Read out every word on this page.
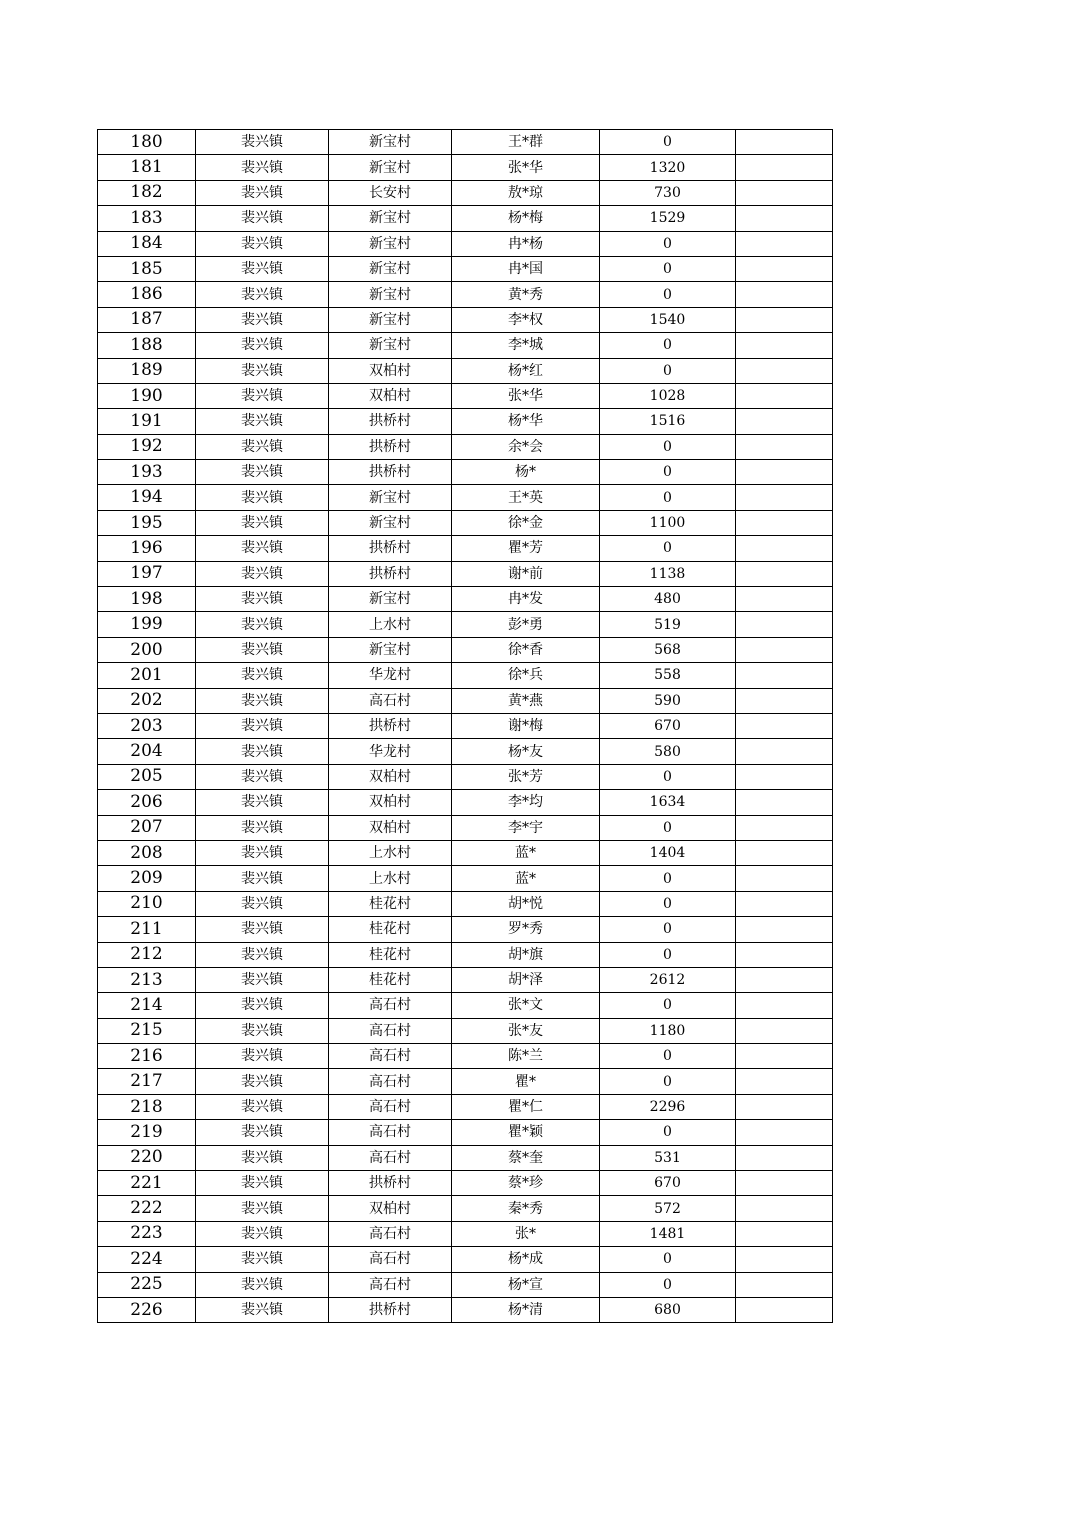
180	裴兴镇	新宝村	王*群	0	
181	裴兴镇	新宝村	张*华	1320	
182	裴兴镇	长安村	敖*琼	730	
183	裴兴镇	新宝村	杨*梅	1529	
184	裴兴镇	新宝村	冉*杨	0	
185	裴兴镇	新宝村	冉*国	0	
186	裴兴镇	新宝村	黄*秀	0	
187	裴兴镇	新宝村	李*权	1540	
188	裴兴镇	新宝村	李*城	0	
189	裴兴镇	双柏村	杨*红	0	
190	裴兴镇	双柏村	张*华	1028	
191	裴兴镇	拱桥村	杨*华	1516	
192	裴兴镇	拱桥村	余*会	0	
193	裴兴镇	拱桥村	杨*	0	
194	裴兴镇	新宝村	王*英	0	
195	裴兴镇	新宝村	徐*金	1100	
196	裴兴镇	拱桥村	瞿*芳	0	
197	裴兴镇	拱桥村	谢*前	1138	
198	裴兴镇	新宝村	冉*发	480	
199	裴兴镇	上水村	彭*勇	519	
200	裴兴镇	新宝村	徐*香	568	
201	裴兴镇	华龙村	徐*兵	558	
202	裴兴镇	高石村	黄*燕	590	
203	裴兴镇	拱桥村	谢*梅	670	
204	裴兴镇	华龙村	杨*友	580	
205	裴兴镇	双柏村	张*芳	0	
206	裴兴镇	双柏村	李*均	1634	
207	裴兴镇	双柏村	李*宇	0	
208	裴兴镇	上水村	蓝*	1404	
209	裴兴镇	上水村	蓝*	0	
210	裴兴镇	桂花村	胡*悦	0	
211	裴兴镇	桂花村	罗*秀	0	
212	裴兴镇	桂花村	胡*旗	0	
213	裴兴镇	桂花村	胡*泽	2612	
214	裴兴镇	高石村	张*文	0	
215	裴兴镇	高石村	张*友	1180	
216	裴兴镇	高石村	陈*兰	0	
217	裴兴镇	高石村	瞿*	0	
218	裴兴镇	高石村	瞿*仁	2296	
219	裴兴镇	高石村	瞿*颖	0	
220	裴兴镇	高石村	蔡*奎	531	
221	裴兴镇	拱桥村	蔡*珍	670	
222	裴兴镇	双柏村	秦*秀	572	
223	裴兴镇	高石村	张*	1481	
224	裴兴镇	高石村	杨*成	0	
225	裴兴镇	高石村	杨*宣	0	
226	裴兴镇	拱桥村	杨*清	680	
